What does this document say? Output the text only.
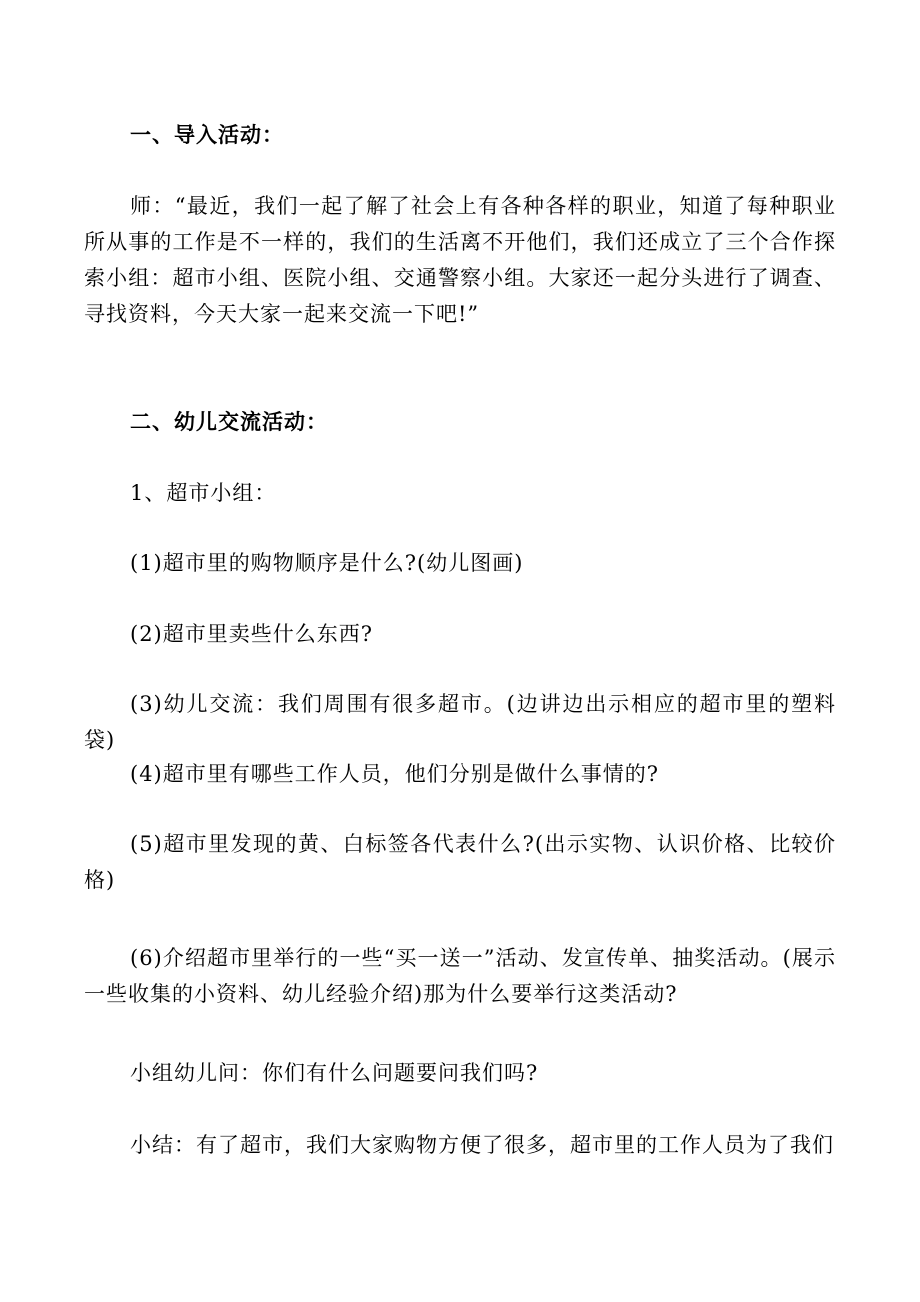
一、导入活动：

师：“最近，我们一起了解了社会上有各种各样的职业，知道了每种职业所从事的工作是不一样的，我们的生活离不开他们，我们还成立了三个合作探索小组：超市小组、医院小组、交通警察小组。大家还一起分头进行了调查、寻找资料，今天大家一起来交流一下吧!”

二、幼儿交流活动：

1、超市小组：

(1)超市里的购物顺序是什么?(幼儿图画)

(2)超市里卖些什么东西?

(3)幼儿交流：我们周围有很多超市。(边讲边出示相应的超市里的塑料袋)

(4)超市里有哪些工作人员，他们分别是做什么事情的?

(5)超市里发现的黄、白标签各代表什么?(出示实物、认识价格、比较价格)

(6)介绍超市里举行的一些“买一送一”活动、发宣传单、抽奖活动。(展示一些收集的小资料、幼儿经验介绍)那为什么要举行这类活动?

小组幼儿问：你们有什么问题要问我们吗?

小结：有了超市，我们大家购物方便了很多，超市里的工作人员为了我们
